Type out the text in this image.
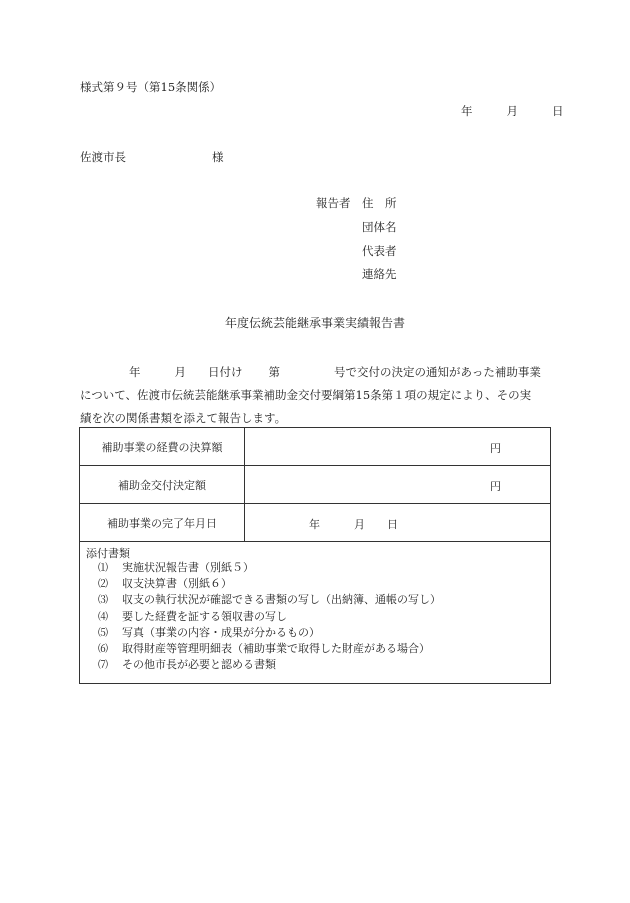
様式第９号（第15条関係）
年	月	日
佐渡市長	様
報告者 住　所
団体名
代表者
連絡先
年度伝統芸能継承事業実績報告書
年	月 日付け 第	号で交付の決定の通知があった補助事業
について、佐渡市伝統芸能継承事業補助金交付要綱第15条第１項の規定により、その実
績を次の関係書類を添えて報告します。
補助事業の経費の決算額	円

補助金交付決定額	円

補助事業の完了年月日	年 月 日
添付書類
⑴ 実施状況報告書（別紙５）
⑵ 収支決算書（別紙６）
⑶ 収支の執行状況が確認できる書類の写し（出納簿、通帳の写し）
⑷ 要した経費を証する領収書の写し
⑸ 写真（事業の内容・成果が分かるもの）
⑹ 取得財産等管理明細表（補助事業で取得した財産がある場合）
⑺ その他市長が必要と認める書類
